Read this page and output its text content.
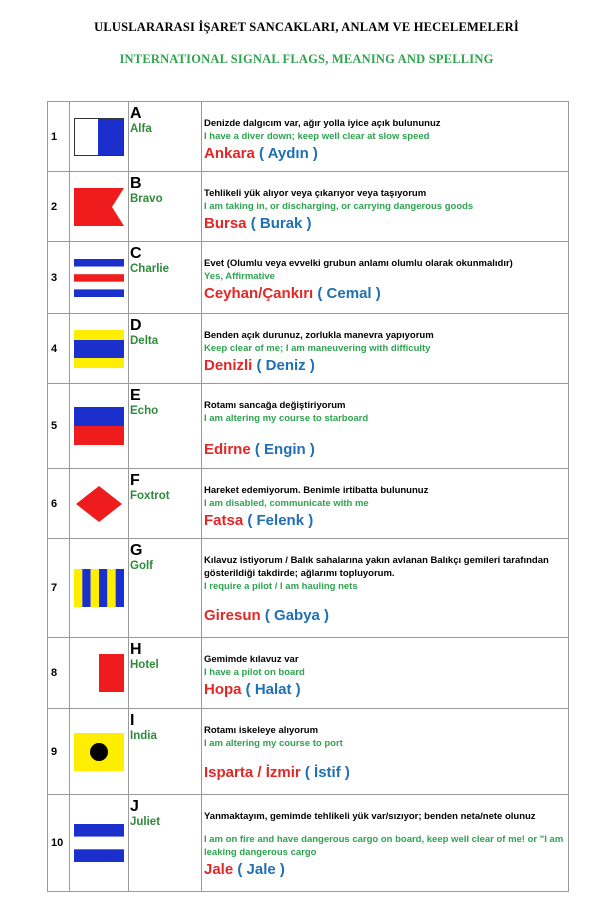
ULUSLARARASI İŞARET SANCAKLARI, ANLAM VE HECELEMELERİ
INTERNATIONAL SIGNAL FLAGS, MEANING AND SPELLING
1		A
Alfa	Denizde dalgıcım var, ağır yolla iyice açık bulununuz
I have a diver down; keep well clear at slow speed
Ankara ( Aydın )

2		B
Bravo	Tehlikeli yük alıyor veya çıkarıyor veya taşıyorum
I am taking in, or discharging, or carrying dangerous goods
Bursa ( Burak )

3		C
Charlie	Evet (Olumlu veya evvelki grubun anlamı olumlu olarak okunmalıdır)
Yes, Affirmative
Ceyhan/Çankırı ( Cemal )

4		D
Delta	Benden açık durunuz, zorlukla manevra yapıyorum
Keep clear of me; I am maneuvering with difficulty
Denizli ( Deniz )

5		E
Echo	Rotamı sancağa değiştiriyorum
I am altering my course to starboard
Edirne ( Engin )

6		F
Foxtrot	Hareket edemiyorum. Benimle irtibatta bulununuz
I am disabled, communicate with me
Fatsa ( Felenk )

7		G
Golf	Kılavuz istiyorum / Balık sahalarına yakın avlanan Balıkçı gemileri tarafından gösterildiği takdirde; ağlarımı topluyorum.
I require a pilot / I am hauling nets
Giresun ( Gabya )

8		H
Hotel	Gemimde kılavuz var
I have a pilot on board
Hopa ( Halat )

9		I
India	Rotamı iskeleye alıyorum
I am altering my course to port
Isparta / İzmir ( İstif )

10		J
Juliet	Yanmaktayım, gemimde tehlikeli yük var/sızıyor; benden neta/nete olunuz
I am on fire and have dangerous cargo on board, keep well clear of me! or "I am leaking dangerous cargo
Jale ( Jale )
